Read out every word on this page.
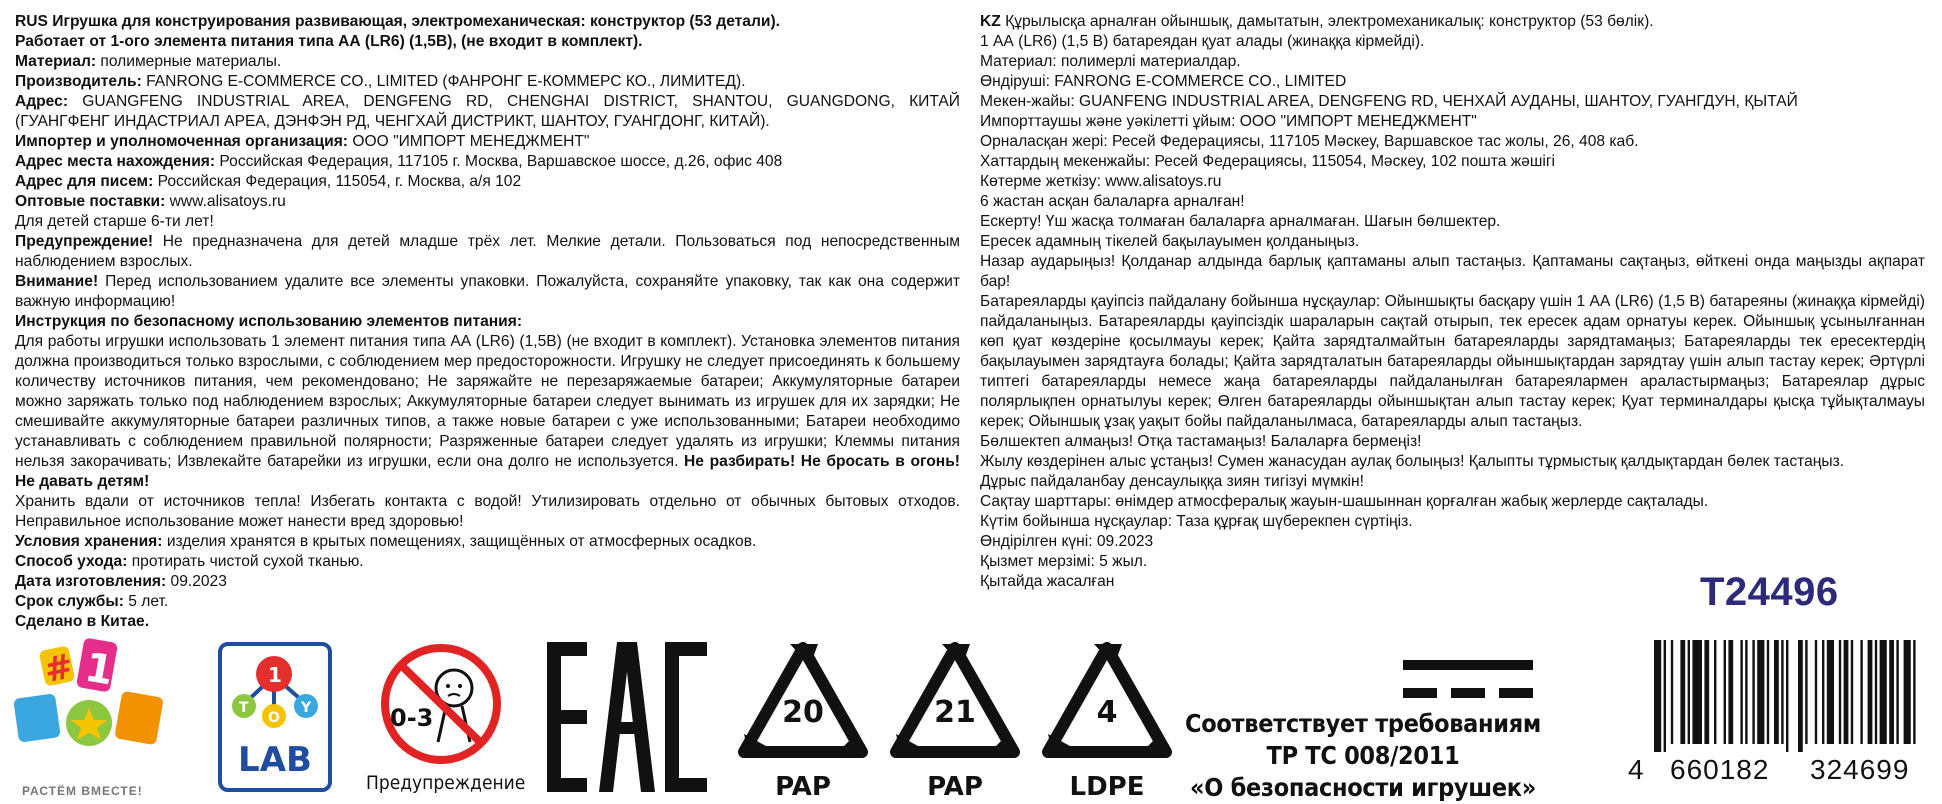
RUS Игрушка для конструирования развивающая, электромеханическая: конструктор (53 детали).

Работает от 1-ого элемента питания типа АА (LR6) (1,5В), (не входит в комплект).

Материал: полимерные материалы.

Производитель: FANRONG E-COMMERCE CO., LIMITED (ФАНРОНГ Е-КОММЕРС КО., ЛИМИТЕД).

Адрес: GUANGFENG INDUSTRIAL AREA, DENGFENG RD, CHENGHAI DISTRICT, SHANTOU, GUANGDONG, КИТАЙ (ГУАНГФЕНГ ИНДАСТРИАЛ АРЕА, ДЭНФЭН РД, ЧЕНГХАЙ ДИСТРИКТ, ШАНТОУ, ГУАНГДОНГ, КИТАЙ).

Импортер и уполномоченная организация: ООО "ИМПОРТ МЕНЕДЖМЕНТ"

Адрес места нахождения: Российская Федерация, 117105 г. Москва, Варшавское шоссе, д.26, офис 408

Адрес для писем: Российская Федерация, 115054, г. Москва, а/я 102

Оптовые поставки: www.alisatoys.ru

Для детей старше 6-ти лет!

Предупреждение! Не предназначена для детей младше трёх лет. Мелкие детали. Пользоваться под непосредственным наблюдением взрослых.

Внимание! Перед использованием удалите все элементы упаковки. Пожалуйста, сохраняйте упаковку, так как она содержит важную информацию!

Инструкция по безопасному использованию элементов питания:

Для работы игрушки использовать 1 элемент питания типа АА (LR6) (1,5В) (не входит в комплект). Установка элементов питания должна производиться только взрослыми, с соблюдением мер предосторожности. Игрушку не следует присоединять к большему количеству источников питания, чем рекомендовано; Не заряжайте не перезаряжаемые батареи; Аккумуляторные батареи можно заряжать только под наблюдением взрослых; Аккумуляторные батареи следует вынимать из игрушек для их зарядки; Не смешивайте аккумуляторные батареи различных типов, а также новые батареи с уже использованными; Батареи необходимо устанавливать с соблюдением правильной полярности; Разряженные батареи следует удалять из игрушки; Клеммы питания нельзя закорачивать; Извлекайте батарейки из игрушки, если она долго не используется. Не разбирать! Не бросать в огонь! Не давать детям!

Хранить вдали от источников тепла! Избегать контакта с водой! Утилизировать отдельно от обычных бытовых отходов. Неправильное использование может нанести вред здоровью!

Условия хранения: изделия хранятся в крытых помещениях, защищённых от атмосферных осадков.

Способ ухода: протирать чистой сухой тканью.

Дата изготовления: 09.2023

Срок службы: 5 лет.

Сделано в Китае.

KZ Құрылысқа арналған ойыншық, дамытатын, электромеханикалық: конструктор (53 бөлік).

1 АА (LR6) (1,5 В) батареядан қуат алады (жинаққа кірмейді).

Материал: полимерлі материалдар.

Өндіруші: FANRONG E-COMMERCE CO., LIMITED

Мекен-жайы: GUANFENG INDUSTRIAL AREA, DENGFENG RD, ЧЕНХАЙ АУДАНЫ, ШАНТОУ, ГУАНГДУН, ҚЫТАЙ

Импорттаушы және уәкілетті ұйым: ООО "ИМПОРТ МЕНЕДЖМЕНТ"

Орналасқан жері: Ресей Федерациясы, 117105 Мәскеу, Варшавское тас жолы, 26, 408 каб.

Хаттардың мекенжайы: Ресей Федерациясы, 115054, Мәскеу, 102 пошта жәшігі

Көтерме жеткізу: www.alisatoys.ru

6 жастан асқан балаларға арналған!

Ескерту! Үш жасқа толмаған балаларға арналмаған. Шағын бөлшектер.

Ересек адамның тікелей бақылауымен қолданыңыз.

Назар аударыңыз! Қолданар алдында барлық қаптаманы алып тастаңыз. Қаптаманы сақтаңыз, өйткені онда маңызды ақпарат бар!

Батареяларды қауіпсіз пайдалану бойынша нұсқаулар: Ойыншықты басқару үшін 1 АА (LR6) (1,5 В) батареяны (жинаққа кірмейді) пайдаланыңыз. Батареяларды қауіпсіздік шараларын сақтай отырып, тек ересек адам орнатуы керек. Ойыншық ұсынылғаннан көп қуат көздеріне қосылмауы керек; Қайта зарядталмайтын батареяларды зарядтамаңыз; Батареяларды тек ересектердің бақылауымен зарядтауға болады; Қайта зарядталатын батареяларды ойыншықтардан зарядтау үшін алып тастау керек; Әртүрлі типтегі батареяларды немесе жаңа батареяларды пайдаланылған батареялармен араластырмаңыз; Батареялар дұрыс полярлықпен орнатылуы керек; Өлген батареяларды ойыншықтан алып тастау керек; Қуат терминалдары қысқа тұйықталмауы керек; Ойыншық ұзақ уақыт бойы пайдаланылмаса, батареяларды алып тастаңыз.

Бөлшектеп алмаңыз! Отқа тастамаңыз! Балаларға бермеңіз!

Жылу көздерінен алыс ұстаңыз! Сумен жанасудан аулақ болыңыз! Қалыпты тұрмыстық қалдықтардан бөлек тастаңыз.

Дұрыс пайдаланбау денсаулыққа зиян тигізуі мүмкін!

Сақтау шарттары: өнімдер атмосфералық жауын-шашыннан қорғалған жабық жерлерде сақталады.

Күтім бойынша нұсқаулар: Таза құрғақ шүберекпен сүртіңіз.

Өндірілген күні: 09.2023

Қызмет мерзімі: 5 жыл.

Қытайда жасалған	T24496
# 1
РАСТЁМ ВМЕСТЕ!
1
T
O
Y
LAB
0-3
Предупреждение
20
PAP
21
PAP
4
LDPE
Соответствует требованиям
ТР ТС 008/2011
«О безопасности игрушек»
4 660182 324699
